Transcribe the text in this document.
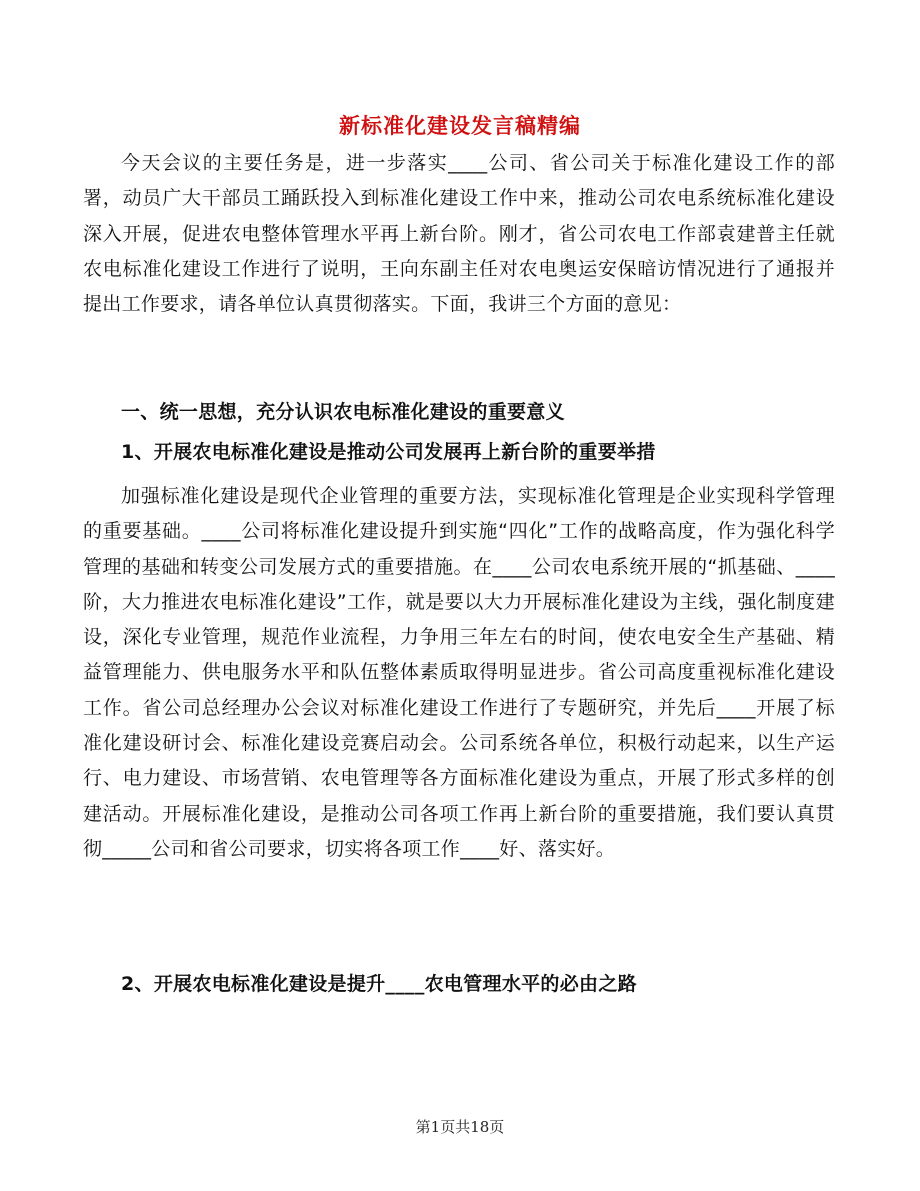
新标准化建设发言稿精编
今天会议的主要任务是，进一步落实____公司、省公司关于标准化建设工作的部署，动员广大干部员工踊跃投入到标准化建设工作中来，推动公司农电系统标准化建设深入开展，促进农电整体管理水平再上新台阶。刚才，省公司农电工作部袁建普主任就农电标准化建设工作进行了说明，王向东副主任对农电奥运安保暗访情况进行了通报并提出工作要求，请各单位认真贯彻落实。下面，我讲三个方面的意见：
一、统一思想，充分认识农电标准化建设的重要意义
1、开展农电标准化建设是推动公司发展再上新台阶的重要举措
加强标准化建设是现代企业管理的重要方法，实现标准化管理是企业实现科学管理的重要基础。____公司将标准化建设提升到实施“四化”工作的战略高度，作为强化科学管理的基础和转变公司发展方式的重要措施。在____公司农电系统开展的“抓基础、____阶，大力推进农电标准化建设”工作，就是要以大力开展标准化建设为主线，强化制度建设，深化专业管理，规范作业流程，力争用三年左右的时间，使农电安全生产基础、精益管理能力、供电服务水平和队伍整体素质取得明显进步。省公司高度重视标准化建设工作。省公司总经理办公会议对标准化建设工作进行了专题研究，并先后____开展了标准化建设研讨会、标准化建设竞赛启动会。公司系统各单位，积极行动起来，以生产运行、电力建设、市场营销、农电管理等各方面标准化建设为重点，开展了形式多样的创建活动。开展标准化建设，是推动公司各项工作再上新台阶的重要措施，我们要认真贯彻_____公司和省公司要求，切实将各项工作____好、落实好。
2、开展农电标准化建设是提升____农电管理水平的必由之路
第1页共18页
